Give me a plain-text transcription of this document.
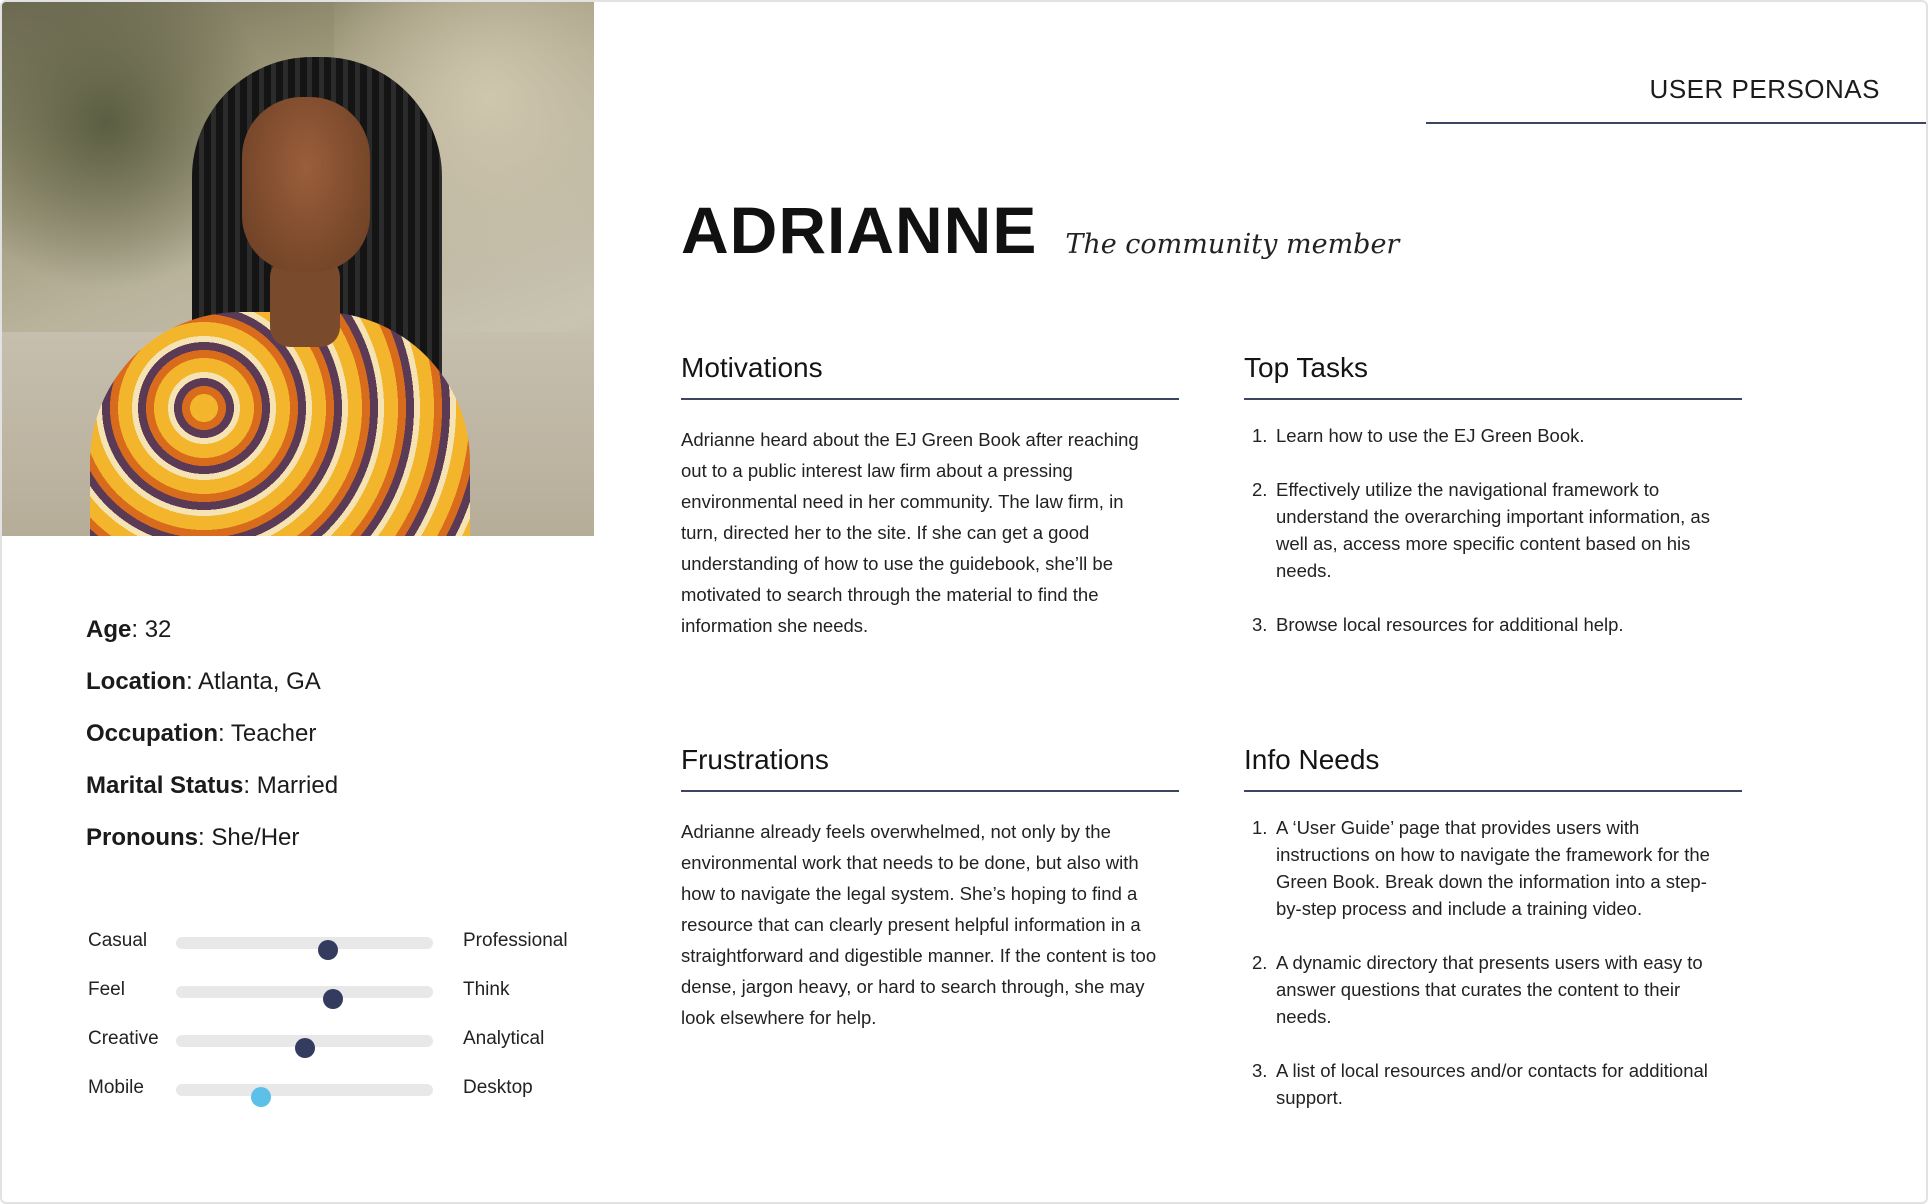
USER PERSONAS
ADRIANNE The community member
Age: 32
Location: Atlanta, GA
Occupation: Teacher
Marital Status: Married
Pronouns: She/Her
Casual	Professional
Feel	Think
Creative	Analytical
Mobile	Desktop
Motivations

Adrianne heard about the EJ Green Book after reaching out to a public interest law firm about a pressing environmental need in her community. The law firm, in turn, directed her to the site. If she can get a good understanding of how to use the guidebook, she’ll be motivated to search through the material to find the information she needs.

Top Tasks
1. Learn how to use the EJ Green Book.
2. Effectively utilize the navigational framework to understand the overarching important information, as well as, access more specific content based on his needs.
3. Browse local resources for additional help.
Frustrations

Adrianne already feels overwhelmed, not only by the environmental work that needs to be done, but also with how to navigate the legal system. She’s hoping to find a resource that can clearly present helpful information in a straightforward and digestible manner. If the content is too dense, jargon heavy, or hard to search through, she may look elsewhere for help.

Info Needs
1. A ‘User Guide’ page that provides users with instructions on how to navigate the framework for the Green Book. Break down the information into a step-by-step process and include a training video.
2. A dynamic directory that presents users with easy to answer questions that curates the content to their needs.
3. A list of local resources and/or contacts for additional support.
